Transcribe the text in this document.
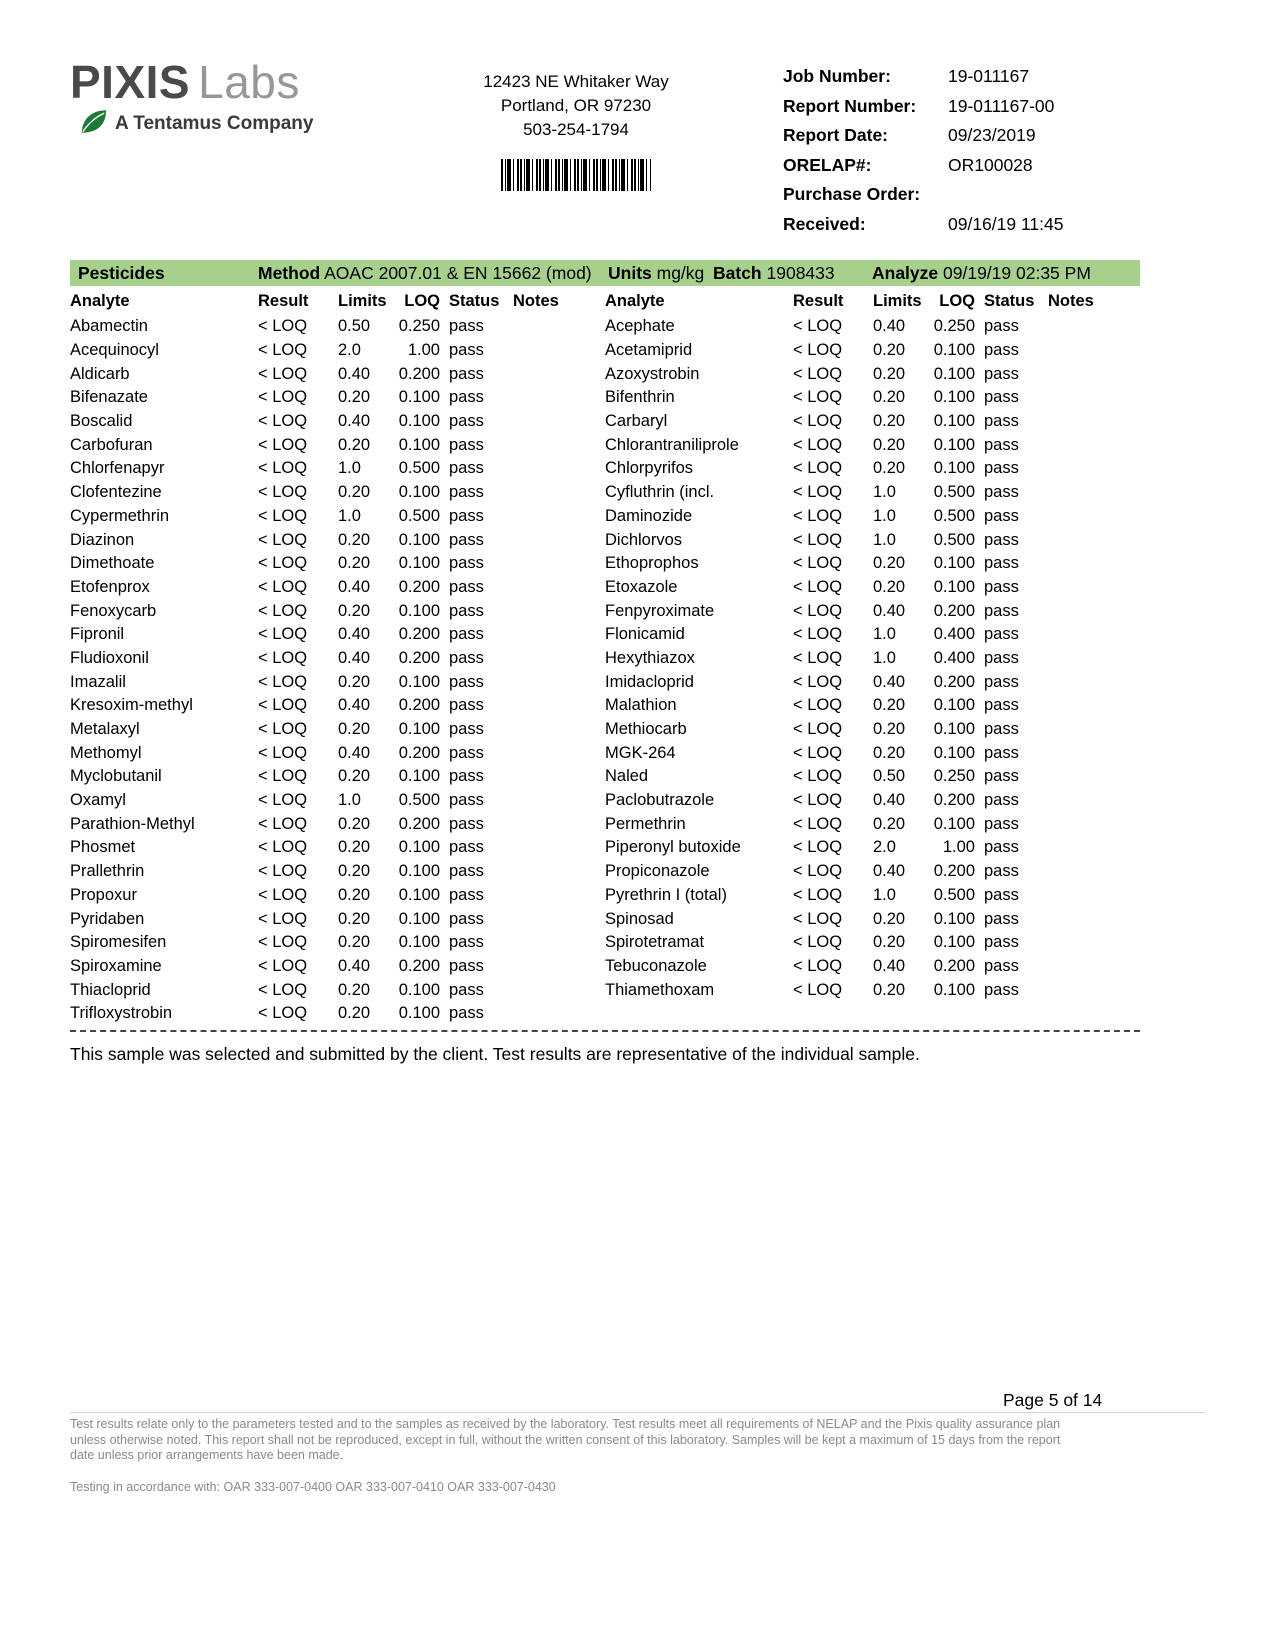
PIXIS Labs
A Tentamus Company
12423 NE Whitaker Way
Portland, OR 97230
503-254-1794
Job Number:	19-011167
Report Number:	19-011167-00
Report Date:	09/23/2019
ORELAP#:	OR100028
Purchase Order:
Received:	09/16/19 11:45
Pesticides	Method AOAC 2007.01 & EN 15662 (mod) Units mg/kg Batch 1908433 Analyze 09/19/19 02:35 PM
Analyte	Result	Limits	LOQ	Status	Notes
Abamectin	< LOQ	0.50	0.250	pass	
Acequinocyl	< LOQ	2.0	1.00	pass	
Aldicarb	< LOQ	0.40	0.200	pass	
Bifenazate	< LOQ	0.20	0.100	pass	
Boscalid	< LOQ	0.40	0.100	pass	
Carbofuran	< LOQ	0.20	0.100	pass	
Chlorfenapyr	< LOQ	1.0	0.500	pass	
Clofentezine	< LOQ	0.20	0.100	pass	
Cypermethrin	< LOQ	1.0	0.500	pass	
Diazinon	< LOQ	0.20	0.100	pass	
Dimethoate	< LOQ	0.20	0.100	pass	
Etofenprox	< LOQ	0.40	0.200	pass	
Fenoxycarb	< LOQ	0.20	0.100	pass	
Fipronil	< LOQ	0.40	0.200	pass	
Fludioxonil	< LOQ	0.40	0.200	pass	
Imazalil	< LOQ	0.20	0.100	pass	
Kresoxim-methyl	< LOQ	0.40	0.200	pass	
Metalaxyl	< LOQ	0.20	0.100	pass	
Methomyl	< LOQ	0.40	0.200	pass	
Myclobutanil	< LOQ	0.20	0.100	pass	
Oxamyl	< LOQ	1.0	0.500	pass	
Parathion-Methyl	< LOQ	0.20	0.200	pass	
Phosmet	< LOQ	0.20	0.100	pass	
Prallethrin	< LOQ	0.20	0.100	pass	
Propoxur	< LOQ	0.20	0.100	pass	
Pyridaben	< LOQ	0.20	0.100	pass	
Spiromesifen	< LOQ	0.20	0.100	pass	
Spiroxamine	< LOQ	0.40	0.200	pass	
Thiacloprid	< LOQ	0.20	0.100	pass	
Trifloxystrobin	< LOQ	0.20	0.100	pass	
Analyte	Result	Limits	LOQ	Status	Notes
Acephate	< LOQ	0.40	0.250	pass	
Acetamiprid	< LOQ	0.20	0.100	pass	
Azoxystrobin	< LOQ	0.20	0.100	pass	
Bifenthrin	< LOQ	0.20	0.100	pass	
Carbaryl	< LOQ	0.20	0.100	pass	
Chlorantraniliprole	< LOQ	0.20	0.100	pass	
Chlorpyrifos	< LOQ	0.20	0.100	pass	
Cyfluthrin (incl.	< LOQ	1.0	0.500	pass	
Daminozide	< LOQ	1.0	0.500	pass	
Dichlorvos	< LOQ	1.0	0.500	pass	
Ethoprophos	< LOQ	0.20	0.100	pass	
Etoxazole	< LOQ	0.20	0.100	pass	
Fenpyroximate	< LOQ	0.40	0.200	pass	
Flonicamid	< LOQ	1.0	0.400	pass	
Hexythiazox	< LOQ	1.0	0.400	pass	
Imidacloprid	< LOQ	0.40	0.200	pass	
Malathion	< LOQ	0.20	0.100	pass	
Methiocarb	< LOQ	0.20	0.100	pass	
MGK-264	< LOQ	0.20	0.100	pass	
Naled	< LOQ	0.50	0.250	pass	
Paclobutrazole	< LOQ	0.40	0.200	pass	
Permethrin	< LOQ	0.20	0.100	pass	
Piperonyl butoxide	< LOQ	2.0	1.00	pass	
Propiconazole	< LOQ	0.40	0.200	pass	
Pyrethrin I (total)	< LOQ	1.0	0.500	pass	
Spinosad	< LOQ	0.20	0.100	pass	
Spirotetramat	< LOQ	0.20	0.100	pass	
Tebuconazole	< LOQ	0.40	0.200	pass	
Thiamethoxam	< LOQ	0.20	0.100	pass	

This sample was selected and submitted by the client. Test results are representative of the individual sample.

Page 5 of 14

Test results relate only to the parameters tested and to the samples as received by the laboratory. Test results meet all requirements of NELAP and the Pixis quality assurance plan unless otherwise noted. This report shall not be reproduced, except in full, without the written consent of this laboratory. Samples will be kept a maximum of 15 days from the report date unless prior arrangements have been made.

Testing in accordance with: OAR 333-007-0400 OAR 333-007-0410 OAR 333-007-0430
